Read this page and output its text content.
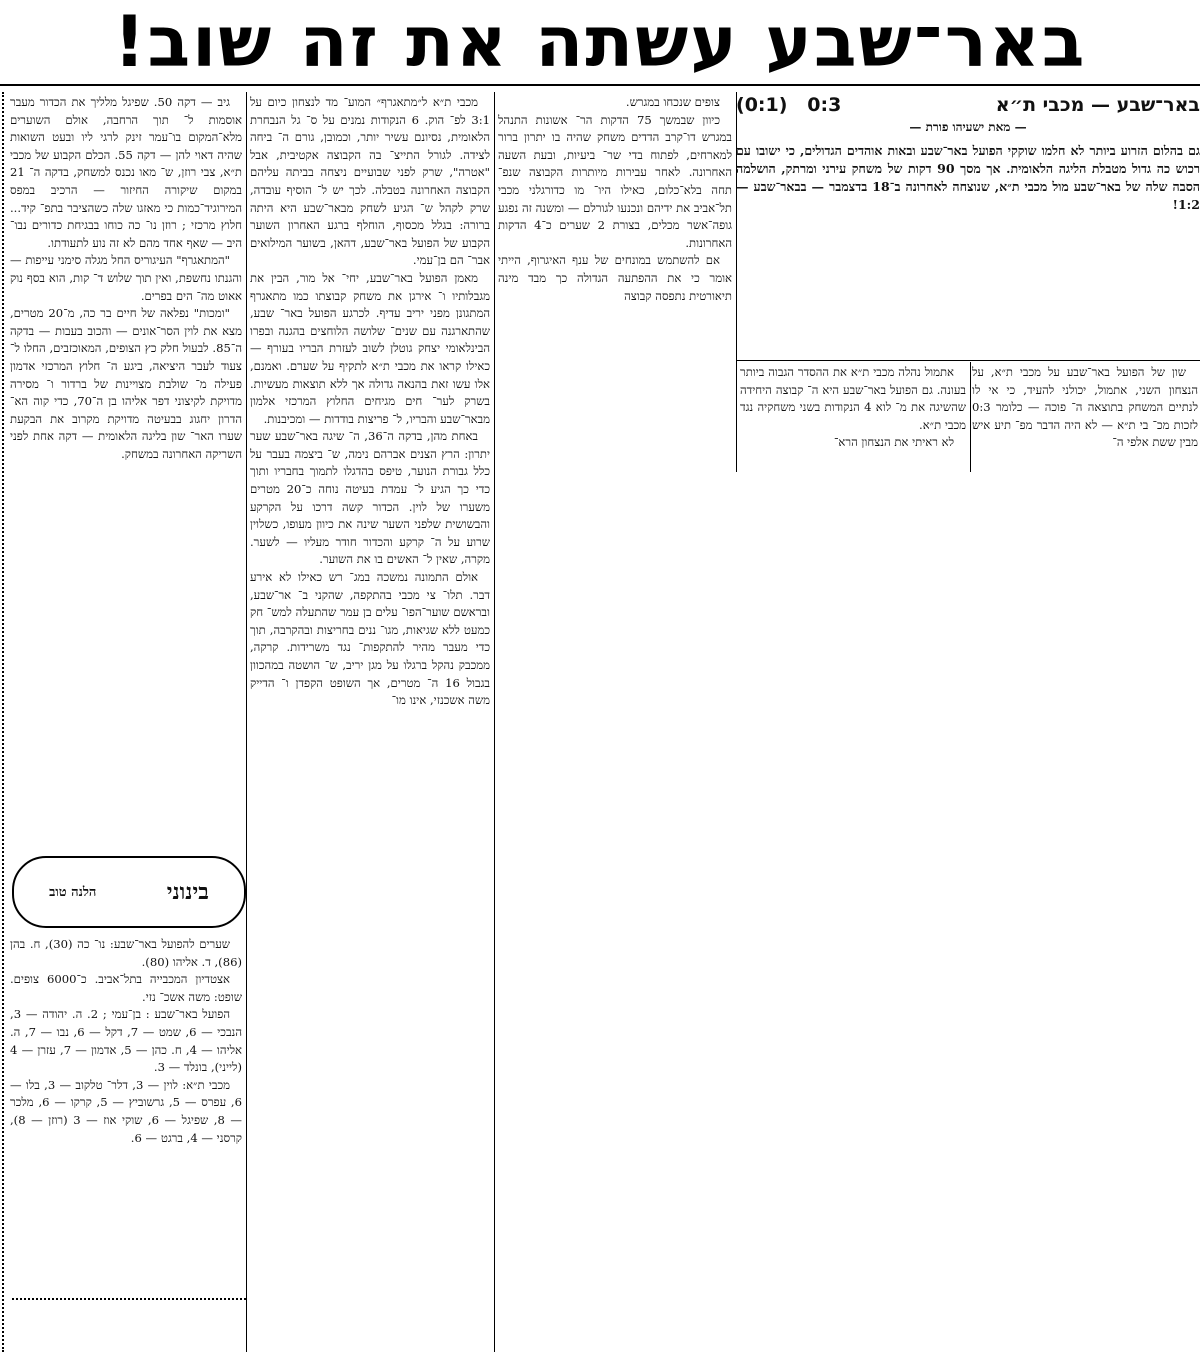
באר־שבע עשתה את זה שוב!
באר־שבע — מכבי ת״א
0:3   (0:1)
— מאת ישעיהו פורת —
גם בהלום הזרוע ביותר לא חלמו שוקקי הפועל באר־שבע ובאות אוהדים הגדולים, כי ישובו עם רכוש כה גדול מטבלת הליגה הלאומית. אך מסך 90 דקות של משחק עירני ומרתק, הושלמה הסבה שלה של באר־שבע מול מכבי ת״א, שנוצחה לאחרונה ב־18 בדצמבר — בבאר־שבע — 1:2!

שון של הפועל באר־שבע על מכבי ת״א, על הנצחון השני, אתמול, יכולני להעיד, כי אי לו לנתיים המשחק בתוצאה ה־ פוכה — כלומר 0:3 לזכות מכ־ בי ת״א — לא היה הדבר מפ־ תיע איש מבין ששת אלפי ה־

אתמול נהלה מכבי ת״א את ההסדר הגבוה ביותר בעונה. גם הפועל באר־שבע היא ה־ קבוצה היחידה שהשיגה את מ־ לוא 4 הנקודות בשני משחקיה נגד מכבי ת״א.

לא ראיתי את הנצחון הרא־

צופים שנכחו במגרש.

כיוון שבמשך 75 הדקות הר־ אשונות התנהל במגרש דו־קרב הדדים משחק שהיה בו יתרון ברור למארחים, לפתוח בדי שר־ ביעיות, ובעת השעה האחרונה. לאחר עבירות מיותרות הקבוצה שנפ־ תחה בלא־כלום, כאילו היו־ מו כדורגלני מכבי תל־אביב את ידיהם ונכנעו לגורלם — ומשנה זה נפגע גופה־אשר מכלים, בצורת 2 שערים כ־4 הדקות האחרונות.

אם להשתמש במונחים של ענף האיגרוף, הייתי אומר כי את ההפתעה הגדולה כך מבד מינה תיאורטית נתפסה קבוצה

מכבי ת״א ל״מתאגרף״ המוע־ מד לנצחון כיום על 3:1 לפ־ הוק. 6 הנקודות נמנים על ס־ גל הנבחרת הלאומית, נסיונם עשיר יותר, וכמובן, גורם ה־ ביחה לצידה. לגורל התייצ־ בה הקבוצה אקטיבית, אבל "אטרה", שרק לפני שבועיים ניצחה בביתה עליהם הקבוצה האחרונה בטבלה. לכך יש ל־ הוסיף עובדה, שרק לקהל ש־ הגיע לשחק מבאר־שבע היא היתה ברורה: בגלל מכסוף, הוחלף ברגע האחרון השוער הקבוע של הפועל באר־שבע, דהאן, בשוער המילואים אבר־ הם בן־עמי.

מאמן הפועל באר־שבע, יחי־ אל מור, הבין את מגבלותיו ו־ אירגן את משחק קבוצתו כמו מתאגרף המתגונן מפני יריב עדיף. לכרגע הפועל באר־ שבע, שהתארגנה עם שנים־ שלושה הלוחצים בהגנה ובפרו הבינלאומי יצחק גוטלן לשוב לעזרת הבריו בעורף — כאילו קראו את מכבי ת״א לתקיף על שערם. ואמנם, אלו עשו זאת בהנאה גדולה אך ללא תוצאות מעשיות. בשרק לער־ חים מגיחים החלוץ המרכזי אלמון מבאר־שבע והבריו, ל־ פריצות בודדות — ומכיבנות.

באחת מהן, בדקה ה־36, ה־ שיגה באר־שבע שער יתרון: הרץ הצנים אברהם נימה, ש־ ביצמה בעבר על כלל גבורת הנוער, טיפס בהדגלו לתמוך בחבריו ותוך כדי כך הגיע ל־ עמדת בעיטה נוחה כ־20 מטרים משערו של לוין. הכדור קשה דרכו על הקרקע והבשושית שלפני השער שינה את כיוון מעופו, כשלוין שרוע על ה־ קרקע והכדור חודר מעליו — לשער. מקרה, שאין ל־ האשים בו את השוער.

אולם התמונה נמשכה במג־ רש כאילו לא אירע דבר. תלו־ צי מכבי בהתקפה, שהקני ב־ אר־שבע, ובראשם שוער־הפו־ עלים בן עמר שהתעלה למש־ חק כמעט ללא שגיאות, מגו־ ננים בחריצות ובהקרבה, תוך כדי מעבר מהיר להתקפות־ נגד משרידות. קרקה, ממכבק נהקל ברגלו על מגן יריב, ש־ הושטה במהכוון בגבול 16 ה־ מטרים, אך השופט הקפדן ו־ הדייק משה אשכנזי, אינו מו־

גיב — דקה 50. שפיגל מלליך את הכדור מעבר אוסמות ל־ תוך הרחבה, אולם השוערים מלא־המקום בו־עמר זינק לרגי ליו ובעט השואות שהיה דאוי להן — דקה 55. הכלם הקבוע של מכבי ת״א, צבי רוזן, ש־ מאו נכנס למשחק, בדקה ה־ 21 במקום שיקורה החיזור — הרכיב במפס המירוגיד־כמות כי מאזגו שלה כשהציבר בתפ־ קיד... חלוץ מרכזי ; רוזן נו־ כה כוחו בבגיחת כדורים נבו־ היב — שאף אחד מהם לא זה נוע לתעודתו.

"המתאגרף" העיגוריס החל מגלה סימני עייפות — והגנתו נחשפת, ואין תוך שלוש ד־ קות, הוא בסף נוק אאוט מה־ הים בפרים.

"ומכות" נפלאה של חיים בר כה, מ־20 מטרים, מצא את לוין הסר־אונים — והכוב בעבות — בדקה ה־85. לבעול חלק כץ הצופים, המאוכזבים, החלו ל־ צעוד לעבר היציאה, ביגע ה־ חלוץ המרכזי אדמון פעילה מ־ שולבת מצויינות של ברדור ו־ מסירה מדויקת לקיצוני דפר אליהו בן ה־70, כדי קוה הא־ הדרון יחגוג בבעיטה מדויקת מקרוב את הבקעת שערו האר־ שון בליגה הלאומית — דקה אחת לפני השריקה האחרונה במשחק.

בינוני
הלנה טוב

שערים להפועל באר־שבע: נו־ כה (30), ח. בהן (86), ד. אליהו (80).

אצטדיון המכבייה בתל־אביב. כ־6000 צופים. שופט: משה אשכ־ נזי.

הפועל באר־שבע : בן־עמי ; 2. ה. יהודה — 3, הנבכי — 6, שמט — 7, דקל — 6, נבו — 7, ה. אליהו — 4, ח. כהן — 5, אדמון — 7, עזרן — 4 (לייני), בונלד — 3.

מכבי ת״א: לוין — 3, דלר־ טלקוב — 3, בלו — 6, עפרס — 5, גרשוביץ — 5, קרקו — 6, מלכר — 8, שפיגל — 6, שוקי אוז — 3 (רוזן — 8), קרסני — 4, ברגט — 6.
